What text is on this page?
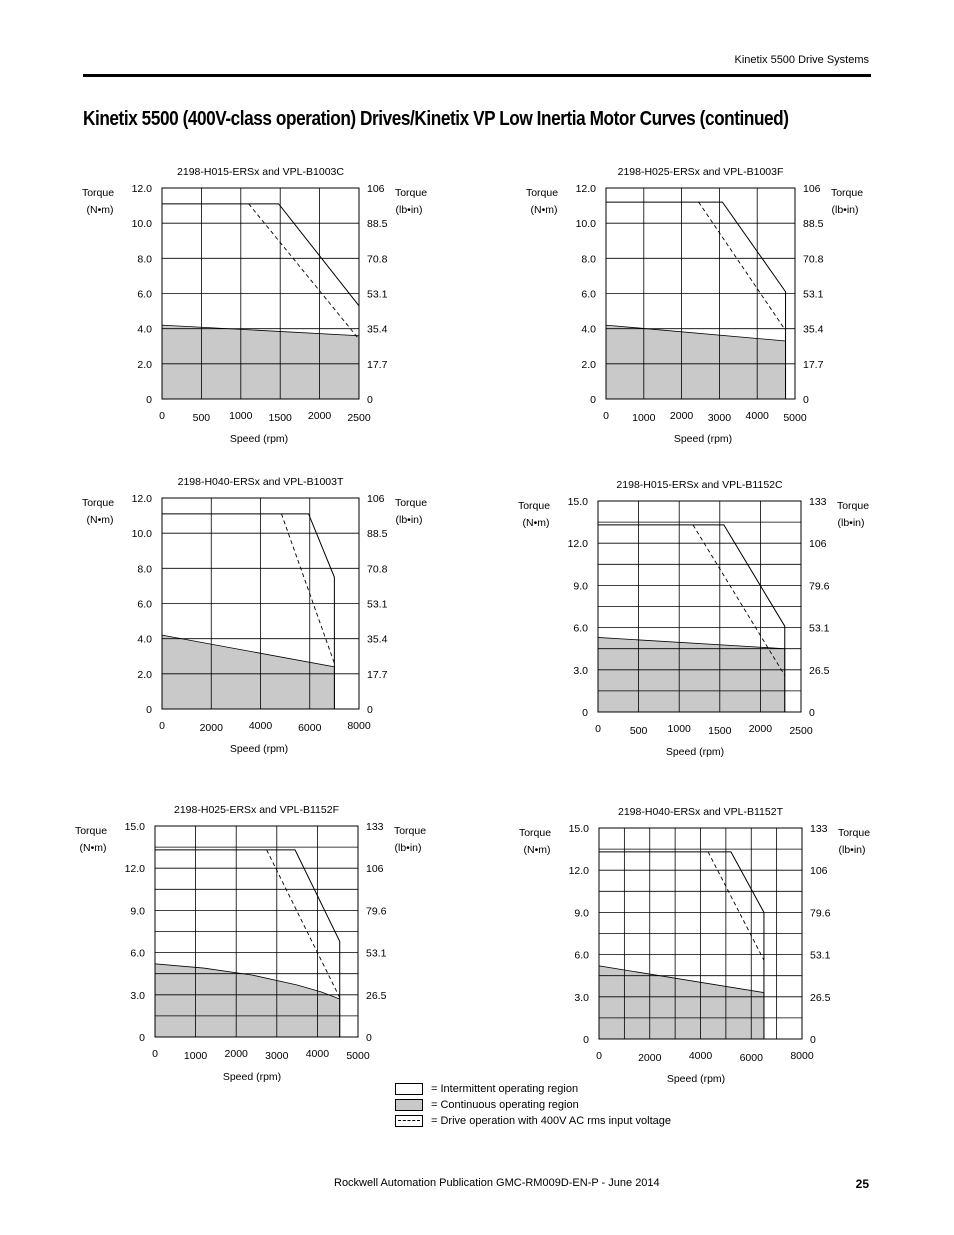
Kinetix 5500 Drive Systems
Kinetix 5500 (400V-class operation) Drives/Kinetix VP Low Inertia Motor Curves (continued)
2198-H015-ERSx and VPL-B1003C
0
2.0
4.0
6.0
8.0
10.0
12.0
0
17.7
35.4
53.1
70.8
88.5
106
0	500 1000 1500 2000 2500
Torque
(N•m)
Torque
(lb•in)
Speed (rpm)
2198-H025-ERSx and VPL-B1003F
0
2.0
4.0
6.0
8.0
10.0
12.0
0
17.7
35.4
53.1
70.8
88.5
106
0 1000 2000 3000 4000 5000
Torque
(N•m)
Torque
(lb•in)
Speed (rpm)
2198-H040-ERSx and VPL-B1003T
0
2.0
4.0
6.0
8.0
10.0
12.0
0
17.7
35.4
53.1
70.8
88.5
106
0	2000 4000 6000 8000
Torque
(N•m)
Torque
(lb•in)
Speed (rpm)
2198-H015-ERSx and VPL-B1152C
0
3.0
6.0
9.0
12.0
15.0
0
26.5
53.1
79.6
106
133
0	500 1000 1500 2000 2500
Torque
(N•m)
Torque
(lb•in)
Speed (rpm)
2198-H025-ERSx and VPL-B1152F
0
3.0
6.0
9.0
12.0
15.0
0
26.5
53.1
79.6
106
133
0 1000 2000 3000 4000 5000
Torque
(N•m)
Torque
(lb•in)
Speed (rpm)
2198-H040-ERSx and VPL-B1152T
0
3.0
6.0
9.0
12.0
15.0
0
26.5
53.1
79.6
106
133
0	2000	4000	6000	8000
Torque
(N•m)
Torque
(lb•in)
Speed (rpm)
= Intermittent operating region
= Continuous operating region
= Drive operation with 400V AC rms input voltage
Rockwell Automation Publication GMC-RM009D-EN-P - June 2014	25
